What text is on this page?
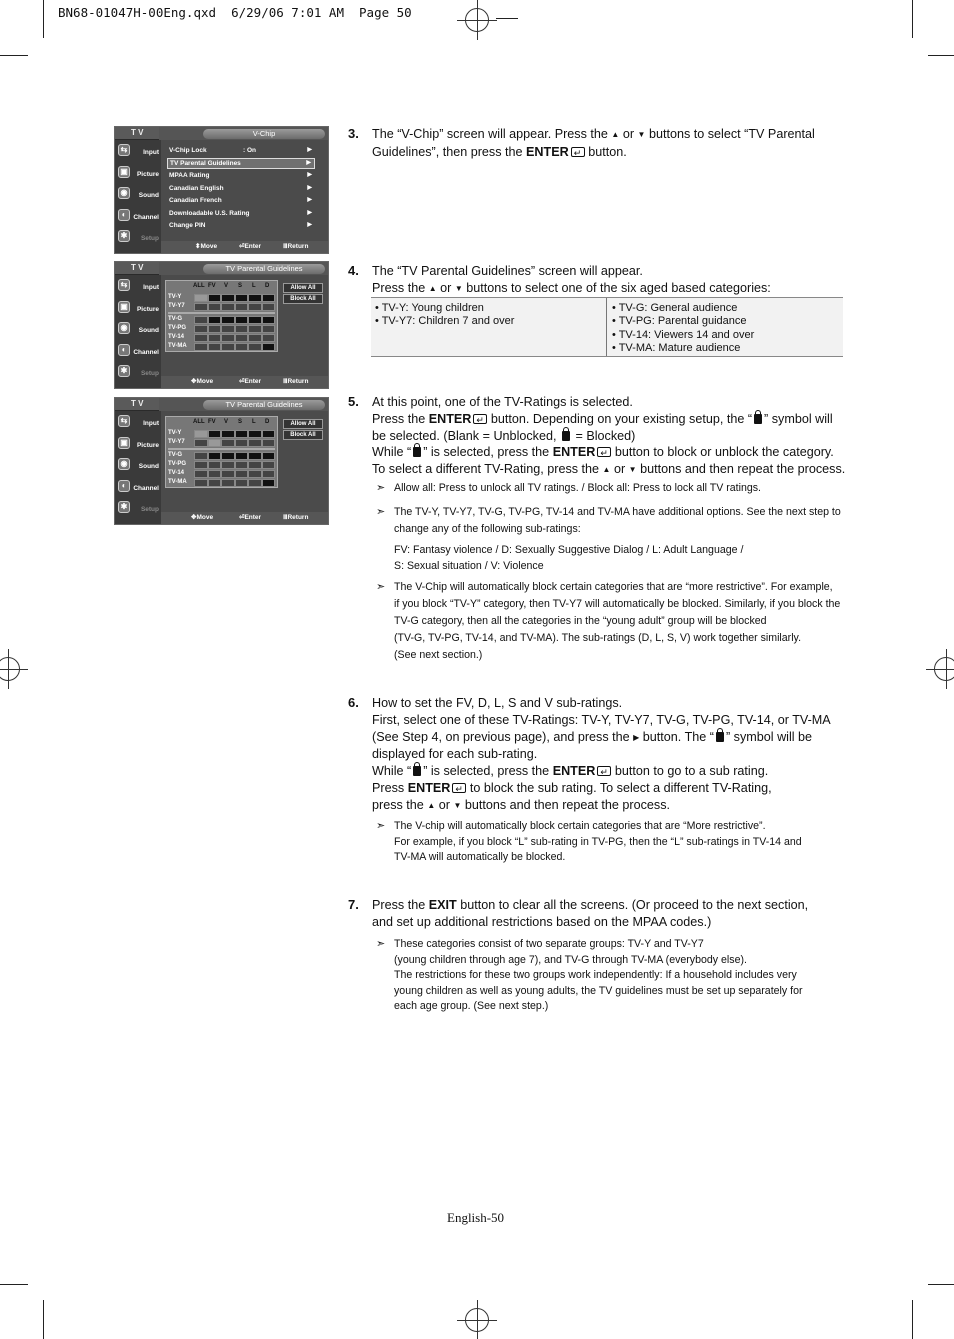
BN68-01047H-00Eng.qxd  6/29/06 7:01 AM  Page 50
T V	V-Chip
⇆	Input
▣	Picture
◉	Sound
◐	Channel
✱	Setup
V-Chip Lock	: On	▶
TV Parental Guidelines	▶
MPAA Rating	▶
Canadian English	▶
Canadian French	▶
Downloadable U.S. Rating	▶
Change PIN	▶
⬍Move	⏎Enter	ⅢReturn
T V	TV Parental Guidelines
⇆	Input
▣	Picture
◉	Sound
◐	Channel
✱	Setup
ALL FV V S L D
TV-Y
TV-Y7
TV-G
TV-PG
TV-14
TV-MA
Allow All
Block All
✥Move	⏎Enter	ⅢReturn
T V	TV Parental Guidelines
⇆	Input
▣	Picture
◉	Sound
◐	Channel
✱	Setup
ALL FV V S L D
TV-Y
TV-Y7
TV-G
TV-PG
TV-14
TV-MA
Allow All
Block All
✥Move	⏎Enter	ⅢReturn
3. The “V-Chip” screen will appear. Press the ▲ or ▼ buttons to select “TV Parental
Guidelines”, then press the ENTER ↵ button.
4. The “TV Parental Guidelines” screen will appear.
Press the ▲ or ▼ buttons to select one of the six aged based categories:
• TV-Y: Young children
• TV-Y7: Children 7 and over
• TV-G: General audience
• TV-PG: Parental guidance
• TV-14: Viewers 14 and over
• TV-MA: Mature audience
5. At this point, one of the TV-Ratings is selected.
Press the ENTER ↵ button. Depending on your existing setup, the “ ” symbol will
be selected. (Blank = Unblocked, = Blocked)
While “ ” is selected, press the ENTER ↵ button to block or unblock the category.
To select a different TV-Rating, press the ▲ or ▼ buttons and then repeat the process.
➣ Allow all: Press to unlock all TV ratings. / Block all: Press to lock all TV ratings.
➣ The TV-Y, TV-Y7, TV-G, TV-PG, TV-14 and TV-MA have additional options. See the next step to
change any of the following sub-ratings:
FV: Fantasy violence / D: Sexually Suggestive Dialog / L: Adult Language /
S: Sexual situation / V: Violence
➣ The V-Chip will automatically block certain categories that are “more restrictive”. For example,
if you block “TV-Y” category, then TV-Y7 will automatically be blocked. Similarly, if you block the
TV-G category, then all the categories in the “young adult” group will be blocked
(TV-G, TV-PG, TV-14, and TV-MA). The sub-ratings (D, L, S, V) work together similarly.
(See next section.)
6. How to set the FV, D, L, S and V sub-ratings.
First, select one of these TV-Ratings: TV-Y, TV-Y7, TV-G, TV-PG, TV-14, or TV-MA
(See Step 4, on previous page), and press the ▶ button. The “ ” symbol will be
displayed for each sub-rating.
While “ ” is selected, press the ENTER ↵ button to go to a sub rating.
Press ENTER ↵ to block the sub rating. To select a different TV-Rating,
press the ▲ or ▼ buttons and then repeat the process.
➣ The V-chip will automatically block certain categories that are “More restrictive”.
For example, if you block “L” sub-rating in TV-PG, then the “L” sub-ratings in TV-14 and
TV-MA will automatically be blocked.
7. Press the EXIT button to clear all the screens. (Or proceed to the next section,
and set up additional restrictions based on the MPAA codes.)
➣ These categories consist of two separate groups: TV-Y and TV-Y7
(young children through age 7), and TV-G through TV-MA (everybody else).
The restrictions for these two groups work independently: If a household includes very
young children as well as young adults, the TV guidelines must be set up separately for
each age group. (See next step.)
English-50
